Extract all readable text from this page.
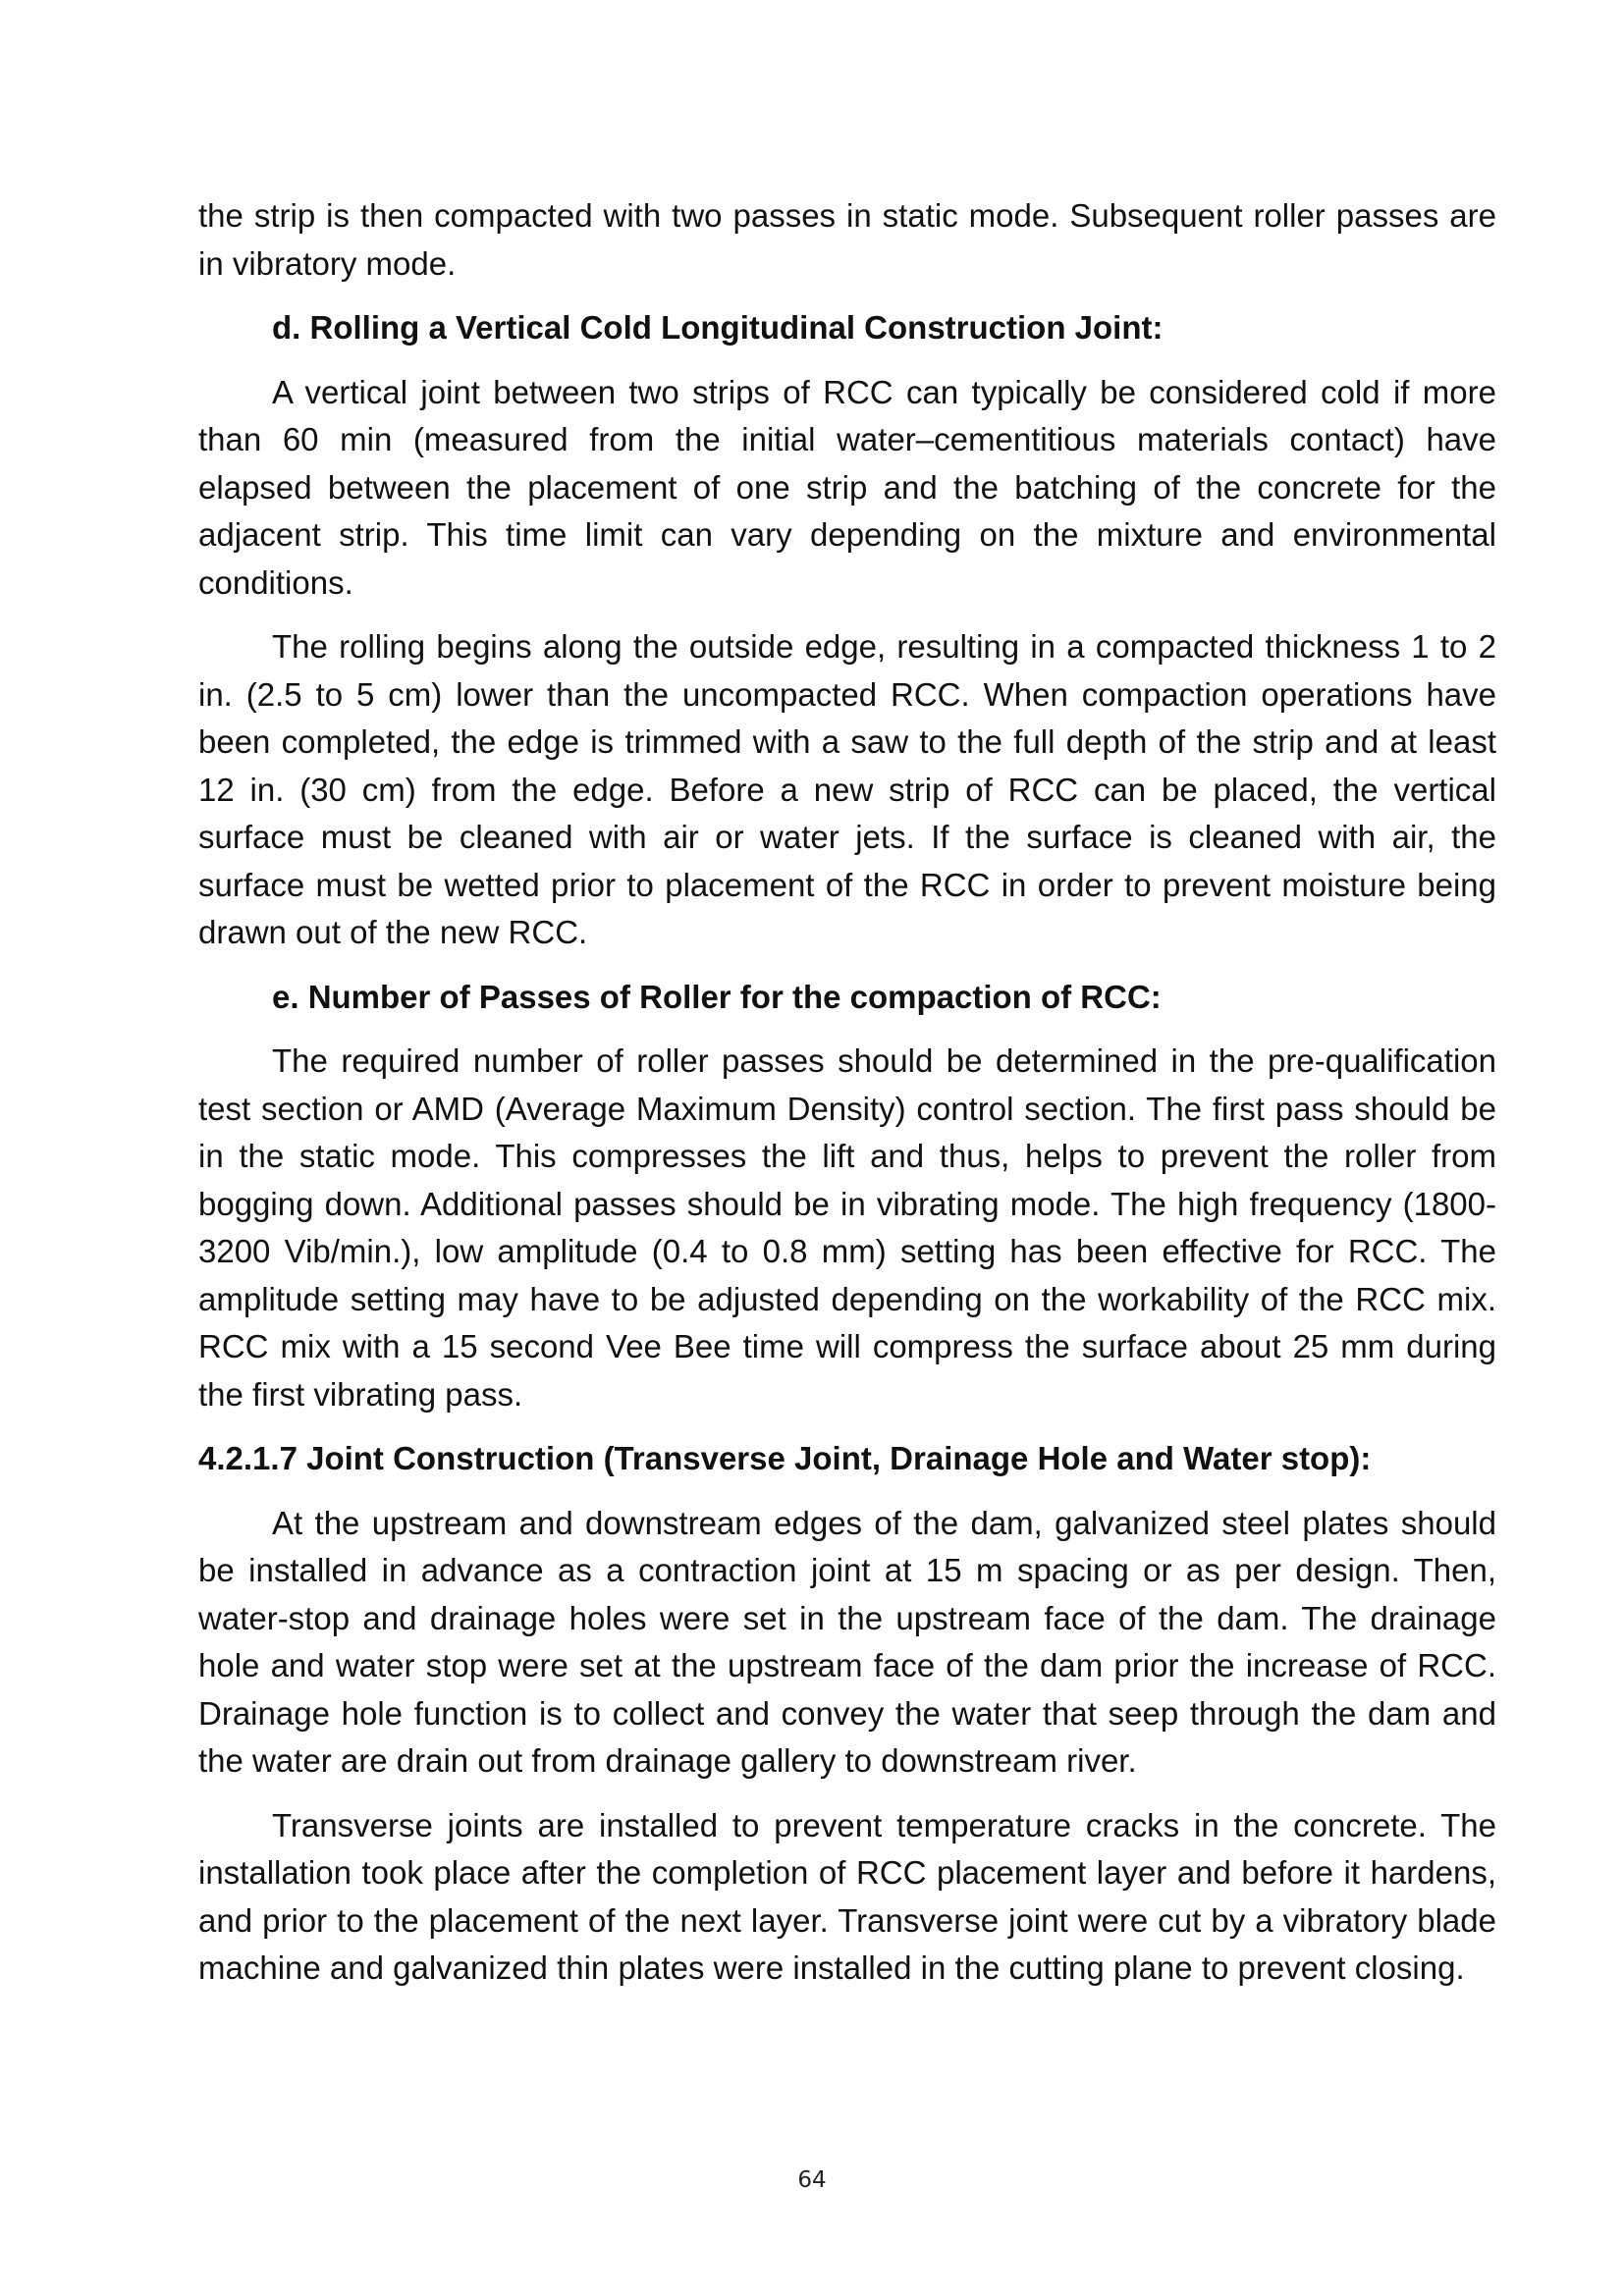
the strip is then compacted with two passes in static mode. Subsequent roller passes are in vibratory mode.

d. Rolling a Vertical Cold Longitudinal Construction Joint:

A vertical joint between two strips of RCC can typically be considered cold if more than 60 min (measured from the initial water–cementitious materials contact) have elapsed between the placement of one strip and the batching of the concrete for the adjacent strip. This time limit can vary depending on the mixture and environmental conditions.

The rolling begins along the outside edge, resulting in a compacted thickness 1 to 2 in. (2.5 to 5 cm) lower than the uncompacted RCC. When compaction operations have been completed, the edge is trimmed with a saw to the full depth of the strip and at least 12 in. (30 cm) from the edge. Before a new strip of RCC can be placed, the vertical surface must be cleaned with air or water jets. If the surface is cleaned with air, the surface must be wetted prior to placement of the RCC in order to prevent moisture being drawn out of the new RCC.

e. Number of Passes of Roller for the compaction of RCC:

The required number of roller passes should be determined in the pre-qualification test section or AMD (Average Maximum Density) control section. The first pass should be in the static mode. This compresses the lift and thus, helps to prevent the roller from bogging down. Additional passes should be in vibrating mode. The high frequency (1800-3200 Vib/min.), low amplitude (0.4 to 0.8 mm) setting has been effective for RCC. The amplitude setting may have to be adjusted depending on the workability of the RCC mix. RCC mix with a 15 second Vee Bee time will compress the surface about 25 mm during the first vibrating pass.

4.2.1.7 Joint Construction (Transverse Joint, Drainage Hole and Water stop):

At the upstream and downstream edges of the dam, galvanized steel plates should be installed in advance as a contraction joint at 15 m spacing or as per design. Then, water-stop and drainage holes were set in the upstream face of the dam. The drainage hole and water stop were set at the upstream face of the dam prior the increase of RCC. Drainage hole function is to collect and convey the water that seep through the dam and the water are drain out from drainage gallery to downstream river.

Transverse joints are installed to prevent temperature cracks in the concrete. The installation took place after the completion of RCC placement layer and before it hardens, and prior to the placement of the next layer. Transverse joint were cut by a vibratory blade machine and galvanized thin plates were installed in the cutting plane to prevent closing.

64
